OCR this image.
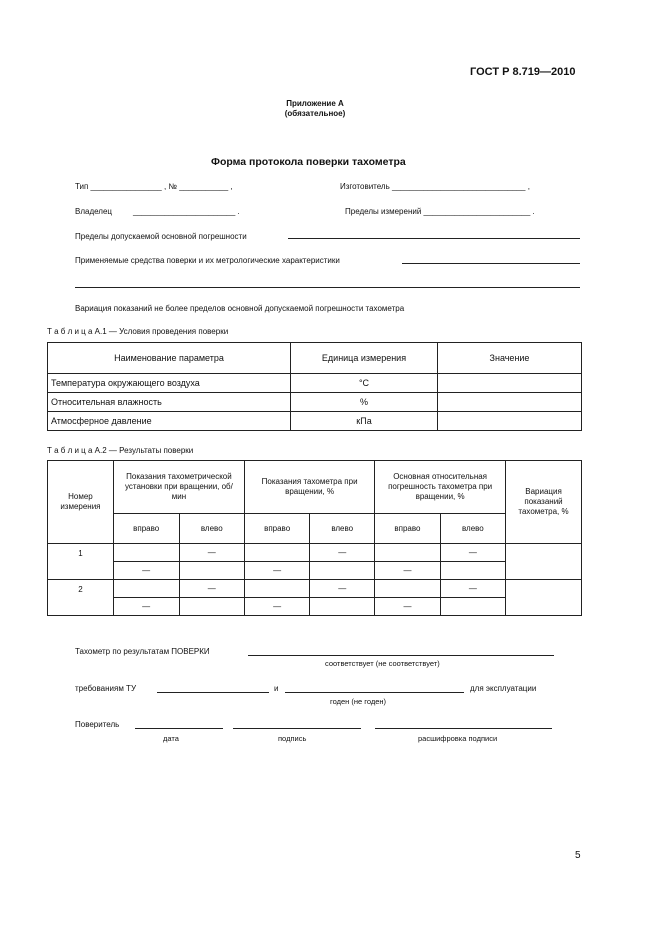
ГОСТ Р 8.719—2010
Приложение А
(обязательное)
Форма протокола поверки тахометра
Тип ________________ , № ___________ ,	Изготовитель ______________________________ ,
Владелец	_______________________ .	Пределы измерений ________________________ .
Пределы допускаемой основной погрешности
Применяемые средства поверки и их метрологические характеристики
Вариация показаний не более пределов основной допускаемой погрешности тахометра
Т а б л и ц а А.1 — Условия проведения поверки
Наименование параметра	Единица измерения	Значение
Температура окружающего воздуха	°С	
Относительная влажность	%	
Атмосферное давление	кПа	
Т а б л и ц а А.2 — Результаты поверки
Номер измерения	Показания тахометрической установки при вращении, об/мин		Показания тахометра при вращении, %		Основная относительная погрешность тахометра при вращении, %		Вариация показаний тахометра, %
	вправо	влево	вправо	влево	вправо	влево	
1		—		—		—	
	—		—		—		
2		—		—		—	
	—		—		—		
Тахометр по результатам ПОВЕРКИ
соответствует (не соответствует)
требованиям ТУ	и	для эксплуатации
годен (не годен)
Поверитель
дата	подпись	расшифровка подписи
5
